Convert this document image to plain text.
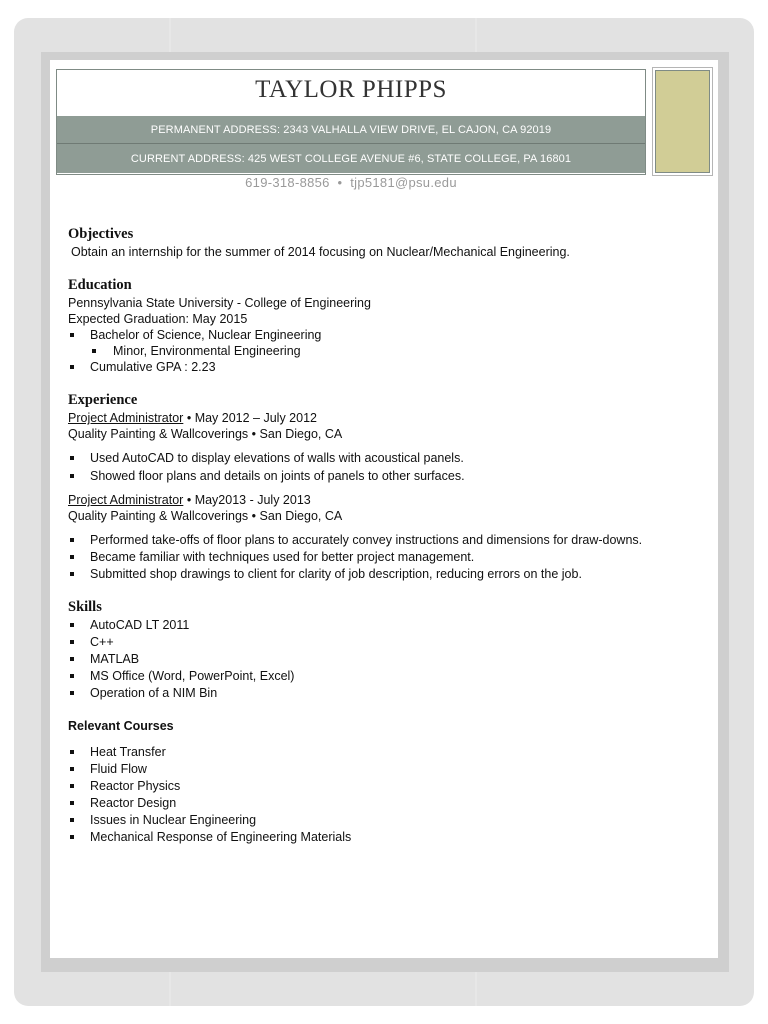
TAYLOR PHIPPS
PERMANENT ADDRESS: 2343 VALHALLA VIEW DRIVE, EL CAJON, CA 92019
CURRENT ADDRESS: 425 WEST COLLEGE AVENUE #6, STATE COLLEGE, PA 16801
619-318-8856 • tjp5181@psu.edu
Objectives
Obtain an internship for the summer of 2014 focusing on Nuclear/Mechanical Engineering.
Education
Pennsylvania State University - College of Engineering
Expected Graduation: May 2015
Bachelor of Science, Nuclear Engineering
Minor, Environmental Engineering
Cumulative GPA : 2.23
Experience
Project Administrator • May 2012 – July 2012
Quality Painting & Wallcoverings • San Diego, CA
Used AutoCAD to display elevations of walls with acoustical panels.
Showed floor plans and details on joints of panels to other surfaces.
Project Administrator • May2013 - July 2013
Quality Painting & Wallcoverings • San Diego, CA
Performed take-offs of floor plans to accurately convey instructions and dimensions for draw-downs.
Became familiar with techniques used for better project management.
Submitted shop drawings to client for clarity of job description, reducing errors on the job.
Skills
AutoCAD LT 2011
C++
MATLAB
MS Office (Word, PowerPoint, Excel)
Operation of a NIM Bin
Relevant Courses
Heat Transfer
Fluid Flow
Reactor Physics
Reactor Design
Issues in Nuclear Engineering
Mechanical Response of Engineering Materials
